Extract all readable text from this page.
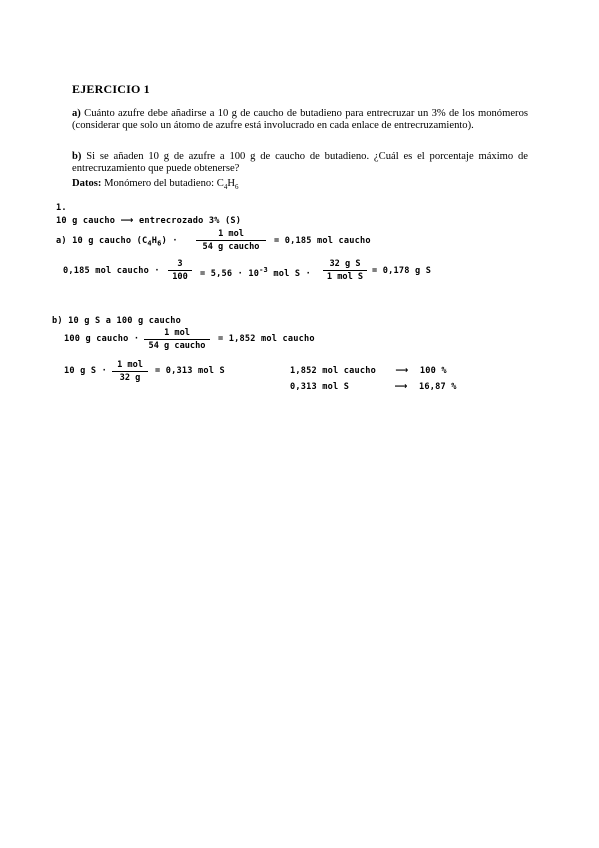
EJERCICIO 1
a) Cuánto azufre debe añadirse a 10 g de caucho de butadieno para entrecruzar un 3% de los monómeros (considerar que solo un átomo de azufre está involucrado en cada enlace de entrecruzamiento).
b) Si se añaden 10 g de azufre a 100 g de caucho de butadieno. ¿Cuál es el porcentaje máximo de entrecruzamiento que puede obtenerse?
Datos: Monómero del butadieno: $C_4H_6$
1.
10 g caucho ⟶ entrecrozado 3% (S)
a) 10 g caucho $(C_4H_6)$ ·
1 mol
54 g caucho
= 0,185 mol caucho
0,185 mol caucho · $\frac{3}{100} = 5,56 \cdot 10^{-3}$ mol S ·
32 g S
1 mol S
= 0,178 g S
b) 10 g S a 100 g caucho
100 g caucho ·
1 mol
54 g caucho
= 1,852 mol caucho
10 g S ·
1 mol
32 g
= 0,313 mol S	1,852 mol caucho ⟶ 100 %
0,313 mol S	⟶ 16,87 %
